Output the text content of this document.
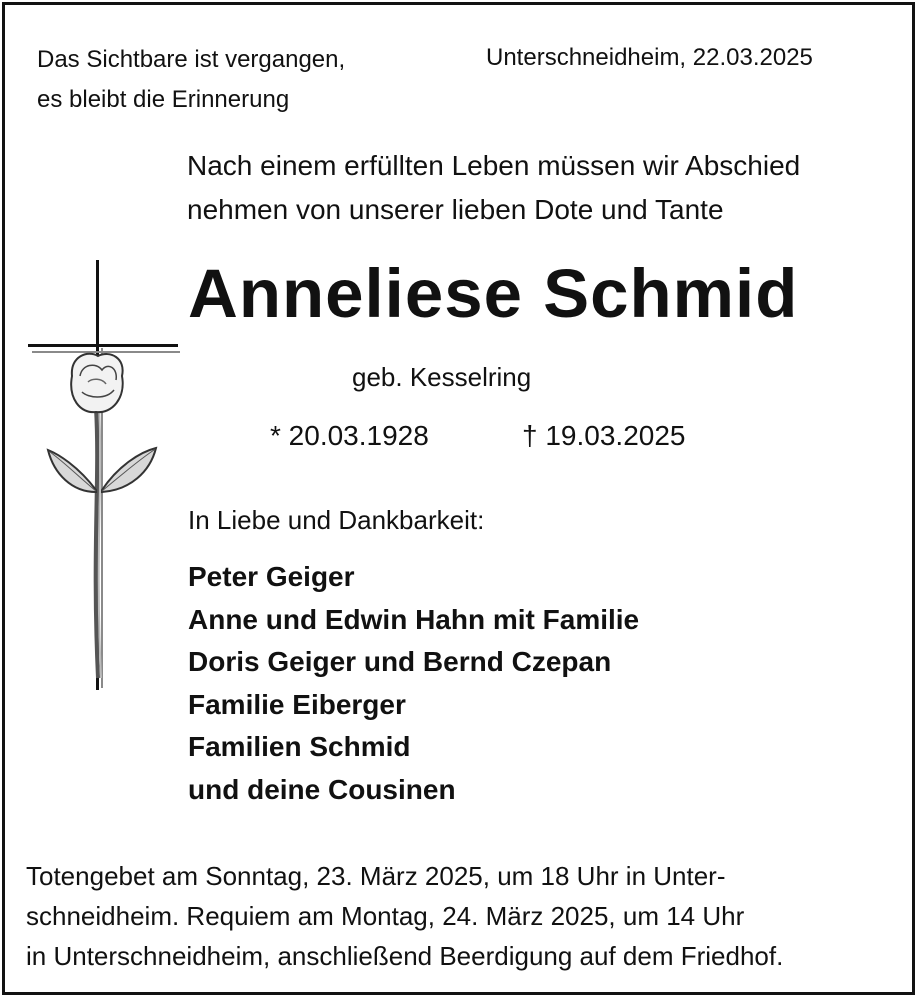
Das Sichtbare ist vergangen,
es bleibt die Erinnerung
Unterschneidheim, 22.03.2025
Nach einem erfüllten Leben müssen wir Abschied
nehmen von unserer lieben Dote und Tante
Anneliese Schmid
geb. Kesselring
* 20.03.1928	† 19.03.2025
In Liebe und Dankbarkeit:
Peter Geiger
Anne und Edwin Hahn mit Familie
Doris Geiger und Bernd Czepan
Familie Eiberger
Familien Schmid
und deine Cousinen
Totengebet am Sonntag, 23. März 2025, um 18 Uhr in Unter-
schneidheim. Requiem am Montag, 24. März 2025, um 14 Uhr
in Unterschneidheim, anschließend Beerdigung auf dem Friedhof.
